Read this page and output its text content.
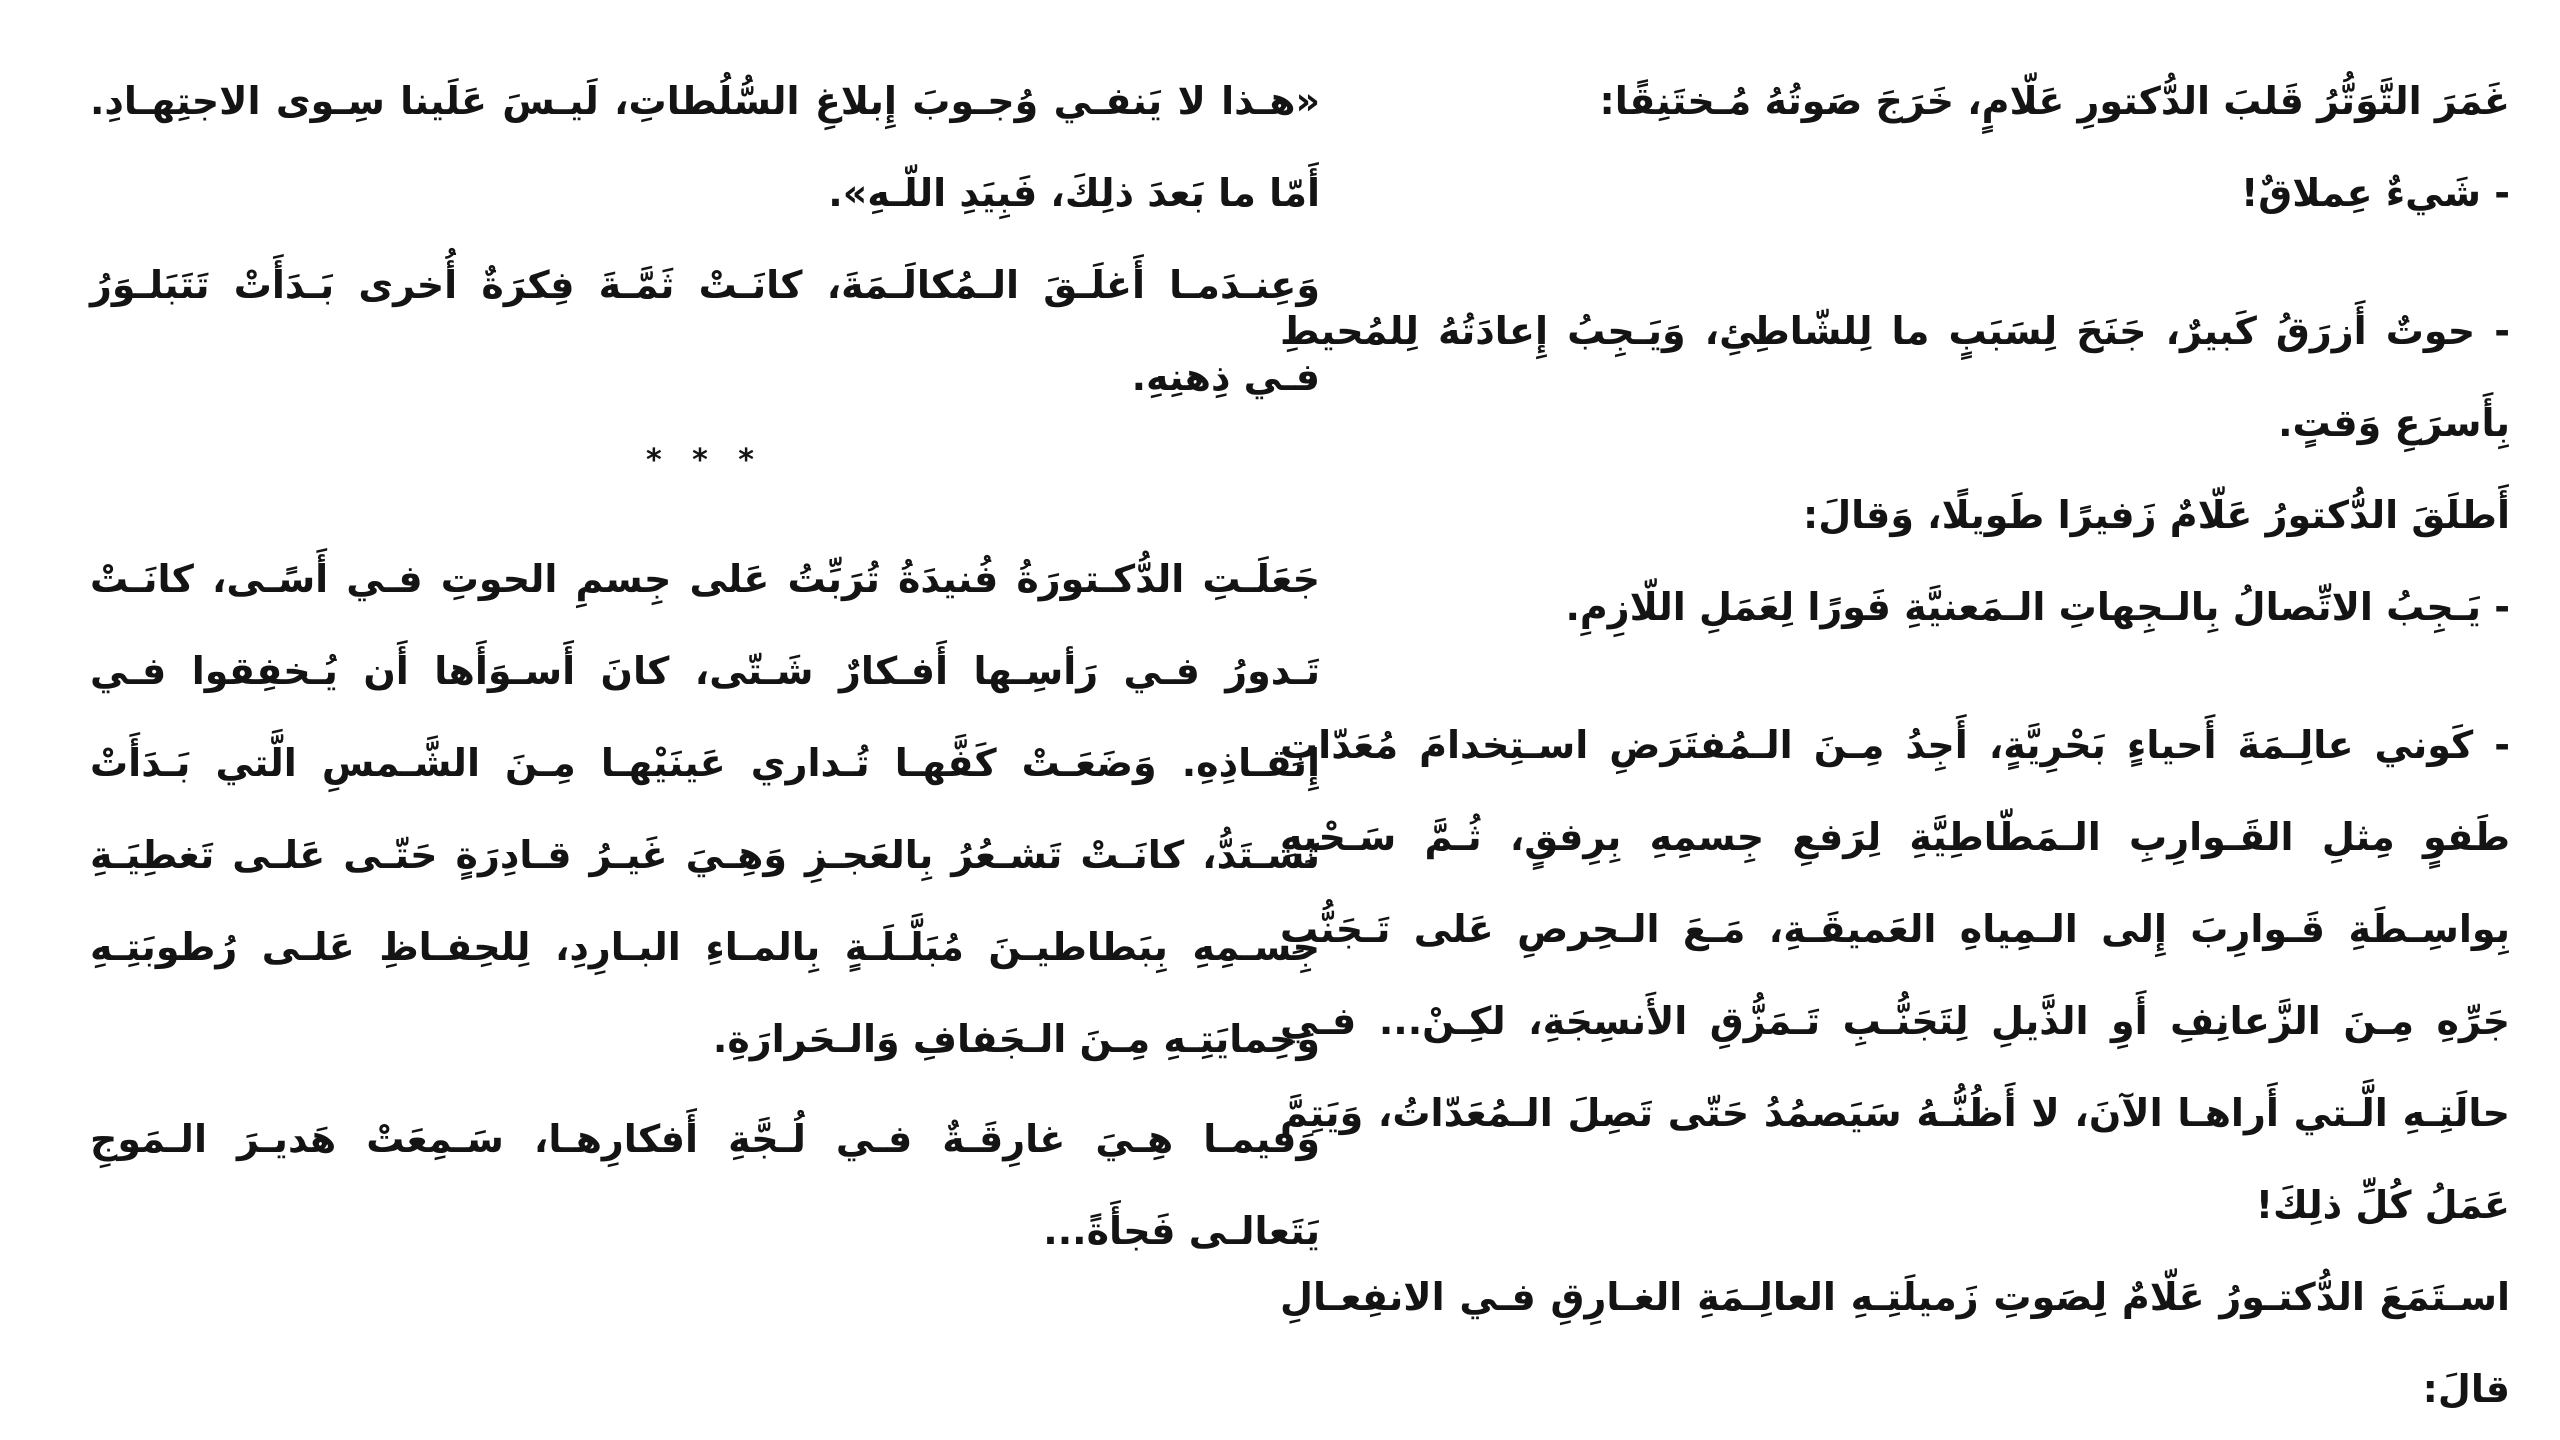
غَمَرَ التَّوَتُّرُ قَلبَ الدُّكتورِ عَلّامٍ، خَرَجَ صَوتُهُ مُـختَنِقًا:

- شَيءٌ عِملاقٌ!

- حوتٌ أَزرَقُ كَبيرٌ، جَنَحَ لِسَبَبٍ ما لِلشّاطِئِ، وَيَـجِبُ إِعادَتُهُ لِلمُحيطِ بِأَسرَعِ وَقتٍ.

أَطلَقَ الدُّكتورُ عَلّامٌ زَفيرًا طَويلًا، وَقالَ:

- يَـجِبُ الاتِّصالُ بِالـجِهاتِ الـمَعنيَّةِ فَورًا لِعَمَلِ اللّازِمِ.

- كَوني عالِـمَةَ أَحياءٍ بَحْرِيَّةٍ، أَجِدُ مِـنَ الـمُفتَرَضِ اسـتِخدامَ مُعَدّاتِ طَفوٍ مِثلِ القَـوارِبِ الـمَطّاطِيَّةِ لِرَفعِ جِسمِهِ بِرِفقٍ، ثُـمَّ سَـحْبِهِ بِواسِـطَةِ قَـوارِبَ إِلى الـمِياهِ العَميقَـةِ، مَـعَ الـحِرصِ عَلى تَـجَنُّبِ جَرِّهِ مِـنَ الزَّعانِفِ أَوِ الذَّيلِ لِتَجَنُّـبِ تَـمَزُّقِ الأَنسِجَةِ، لكِـنْ... فـي حالَتِـهِ الَّـتي أَراهـا الآنَ، لا أَظُنُّـهُ سَيَصمُدُ حَتّى تَصِلَ الـمُعَدّاتُ، وَيَتِمَّ عَمَلُ كُلِّ ذلِكَ!

اسـتَمَعَ الدُّكتـورُ عَلّامٌ لِصَوتِ زَميلَتِـهِ العالِـمَةِ الغـارِقِ فـي الانفِعـالِ قالَ:

«هـذا لا يَنفـي وُجـوبَ إِبلاغِ السُّلُطاتِ، لَيـسَ عَلَينا سِـوى الاجتِهـادِ. أَمّا ما بَعدَ ذلِكَ، فَبِيَدِ اللّـهِ».

وَعِنـدَمـا أَغلَـقَ الـمُكالَـمَةَ، كانَـتْ ثَمَّـةَ فِكرَةٌ أُخرى بَـدَأَتْ تَتَبَلـوَرُ فـي ذِهنِهِ.

* * *

جَعَلَـتِ الدُّكـتورَةُ فُنيدَةُ تُرَبِّتُ عَلى جِسمِ الحوتِ فـي أَسًـى، كانَـتْ تَـدورُ فـي رَأسِـها أَفـكارٌ شَـتّى، كانَ أَسـوَأَها أَن يُـخفِقوا فـي إِنقـاذِهِ. وَضَعَـتْ كَفَّهـا تُـداري عَينَيْهـا مِـنَ الشَّـمسِ الَّتي بَـدَأَتْ تَشـتَدُّ، كانَـتْ تَشـعُرُ بِالعَجـزِ وَهِـيَ غَيـرُ قـادِرَةٍ حَتّـى عَلـى تَغطِيَـةِ جِسـمِهِ بِبَطاطيـنَ مُبَلَّـلَـةٍ بِالمـاءِ البـارِدِ، لِلحِفـاظِ عَلـى رُطوبَتِـهِ وَحِمايَتِـهِ مِـنَ الـجَفافِ وَالـحَرارَةِ.

وَفيمـا هِـيَ غارِقَـةٌ فـي لُـجَّةِ أَفكارِهـا، سَـمِعَتْ هَديـرَ الـمَوجِ يَتَعالـى فَجأَةً...
